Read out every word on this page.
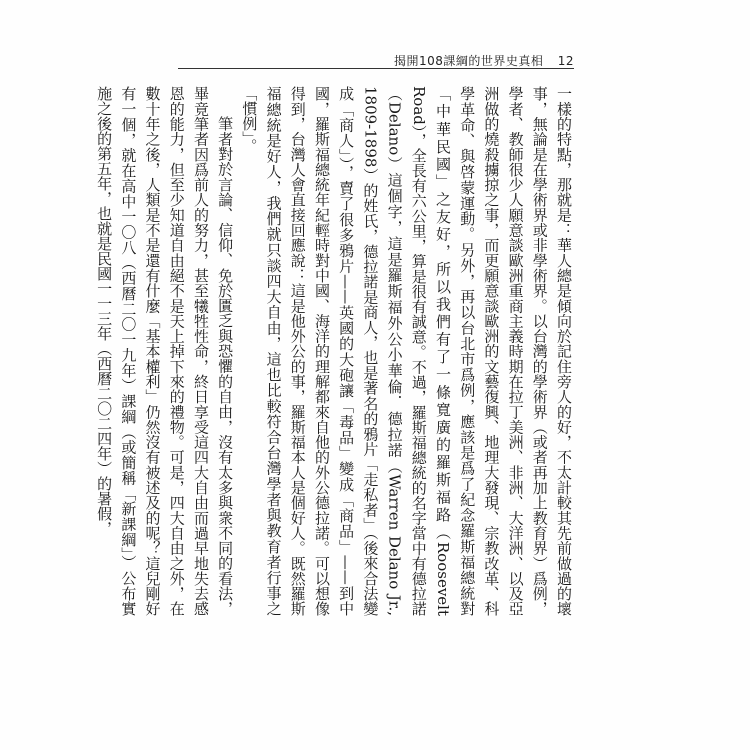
揭開108課綱的世界史真相 12

一樣的特點，那就是：華人總是傾向於記住旁人的好，不太計較其先前做過的壞事，無論是在學術界或非學術界。以台灣的學術界（或者再加上教育界）爲例，學者、教師很少人願意談歐洲重商主義時期在拉丁美洲、非洲、大洋洲、以及亞洲做的燒殺擄掠之事，而更願意談歐洲的文藝復興、地理大發現、宗教改革、科學革命、與啓蒙運動。另外，再以台北市爲例，應該是爲了紀念羅斯福總統對「中華民國」之友好，所以我們有了一條寬廣的羅斯福路（Roosevelt Road），全長有六公里，算是很有誠意。不過，羅斯福總統的名字當中有德拉諾（Delano）這個字，這是羅斯福外公小華倫．德拉諾（Warren Delano Jr., 1809-1898）的姓氏，德拉諾是商人，也是著名的鴉片「走私者」（後來合法變成「商人」），賣了很多鴉片——英國的大砲讓「毒品」變成「商品」——到中國，羅斯福總統年紀輕時對中國、海洋的理解都來自他的外公德拉諾。可以想像得到，台灣人會直接回應說：這是他外公的事，羅斯福本人是個好人。既然羅斯福總統是好人，我們就只談四大自由，這也比較符合台灣學者與教育者行事之「慣例」。

筆者對於言論、信仰、免於匱乏與恐懼的自由，沒有太多與衆不同的看法，畢竟筆者因爲前人的努力，甚至犧牲性命，終日享受這四大自由而過早地失去感恩的能力，但至少知道自由絕不是天上掉下來的禮物。可是，四大自由之外，在數十年之後，人類是不是還有什麼「基本權利」仍然沒有被述及的呢？這兒剛好有一個，就在高中一〇八（西曆二〇一九年）課綱（或簡稱「新課綱」）公布實施之後的第五年，也就是民國一一三年（西曆二〇二四年）的暑假，
